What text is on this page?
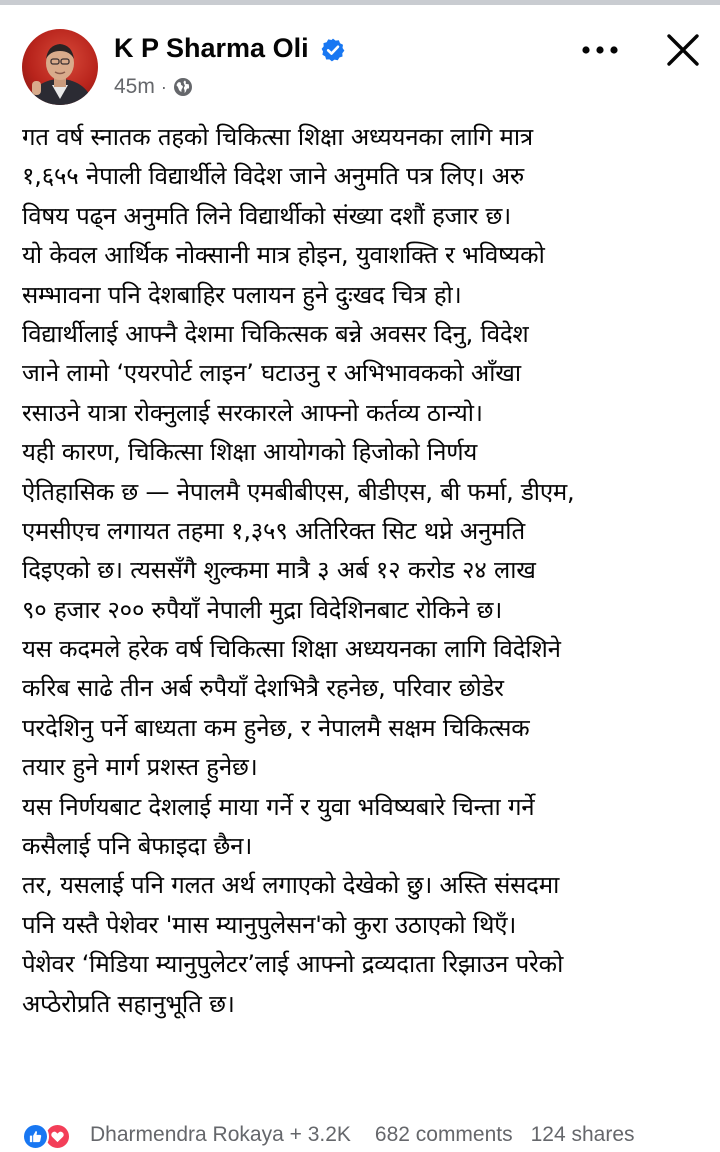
K P Sharma Oli
45m ·
गत वर्ष स्नातक तहको चिकित्सा शिक्षा अध्ययनका लागि मात्र
१,६५५ नेपाली विद्यार्थीले विदेश जाने अनुमति पत्र लिए। अरु
विषय पढ्न अनुमति लिने विद्यार्थीको संख्या दशौं हजार छ।
यो केवल आर्थिक नोक्सानी मात्र होइन, युवाशक्ति र भविष्यको
सम्भावना पनि देशबाहिर पलायन हुने दुःखद चित्र हो।
विद्यार्थीलाई आफ्नै देशमा चिकित्सक बन्ने अवसर दिनु, विदेश
जाने लामो ‘एयरपोर्ट लाइन’ घटाउनु र अभिभावकको आँखा
रसाउने यात्रा रोक्नुलाई सरकारले आफ्नो कर्तव्य ठान्यो।
यही कारण, चिकित्सा शिक्षा आयोगको हिजोको निर्णय
ऐतिहासिक छ — नेपालमै एमबीबीएस, बीडीएस, बी फर्मा, डीएम,
एमसीएच लगायत तहमा १,३५९ अतिरिक्त सिट थप्ने अनुमति
दिइएको छ। त्यससँगै शुल्कमा मात्रै ३ अर्ब १२ करोड २४ लाख
९० हजार २०० रुपैयाँ नेपाली मुद्रा विदेशिनबाट रोकिने छ।
यस कदमले हरेक वर्ष चिकित्सा शिक्षा अध्ययनका लागि विदेशिने
करिब साढे तीन अर्ब रुपैयाँ देशभित्रै रहनेछ, परिवार छोडेर
परदेशिनु पर्ने बाध्यता कम हुनेछ, र नेपालमै सक्षम चिकित्सक
तयार हुने मार्ग प्रशस्त हुनेछ।
यस निर्णयबाट देशलाई माया गर्ने र युवा भविष्यबारे चिन्ता गर्ने
कसैलाई पनि बेफाइदा छैन।
तर, यसलाई पनि गलत अर्थ लगाएको देखेको छु। अस्ति संसदमा
पनि यस्तै पेशेवर 'मास म्यानुपुलेसन'को कुरा उठाएको थिएँ।
पेशेवर ‘मिडिया म्यानुपुलेटर’लाई आफ्नो द्रव्यदाता रिझाउन परेको
अप्ठेरोप्रति सहानुभूति छ।
Dharmendra Rokaya + 3.2K 682 comments 124 shares
